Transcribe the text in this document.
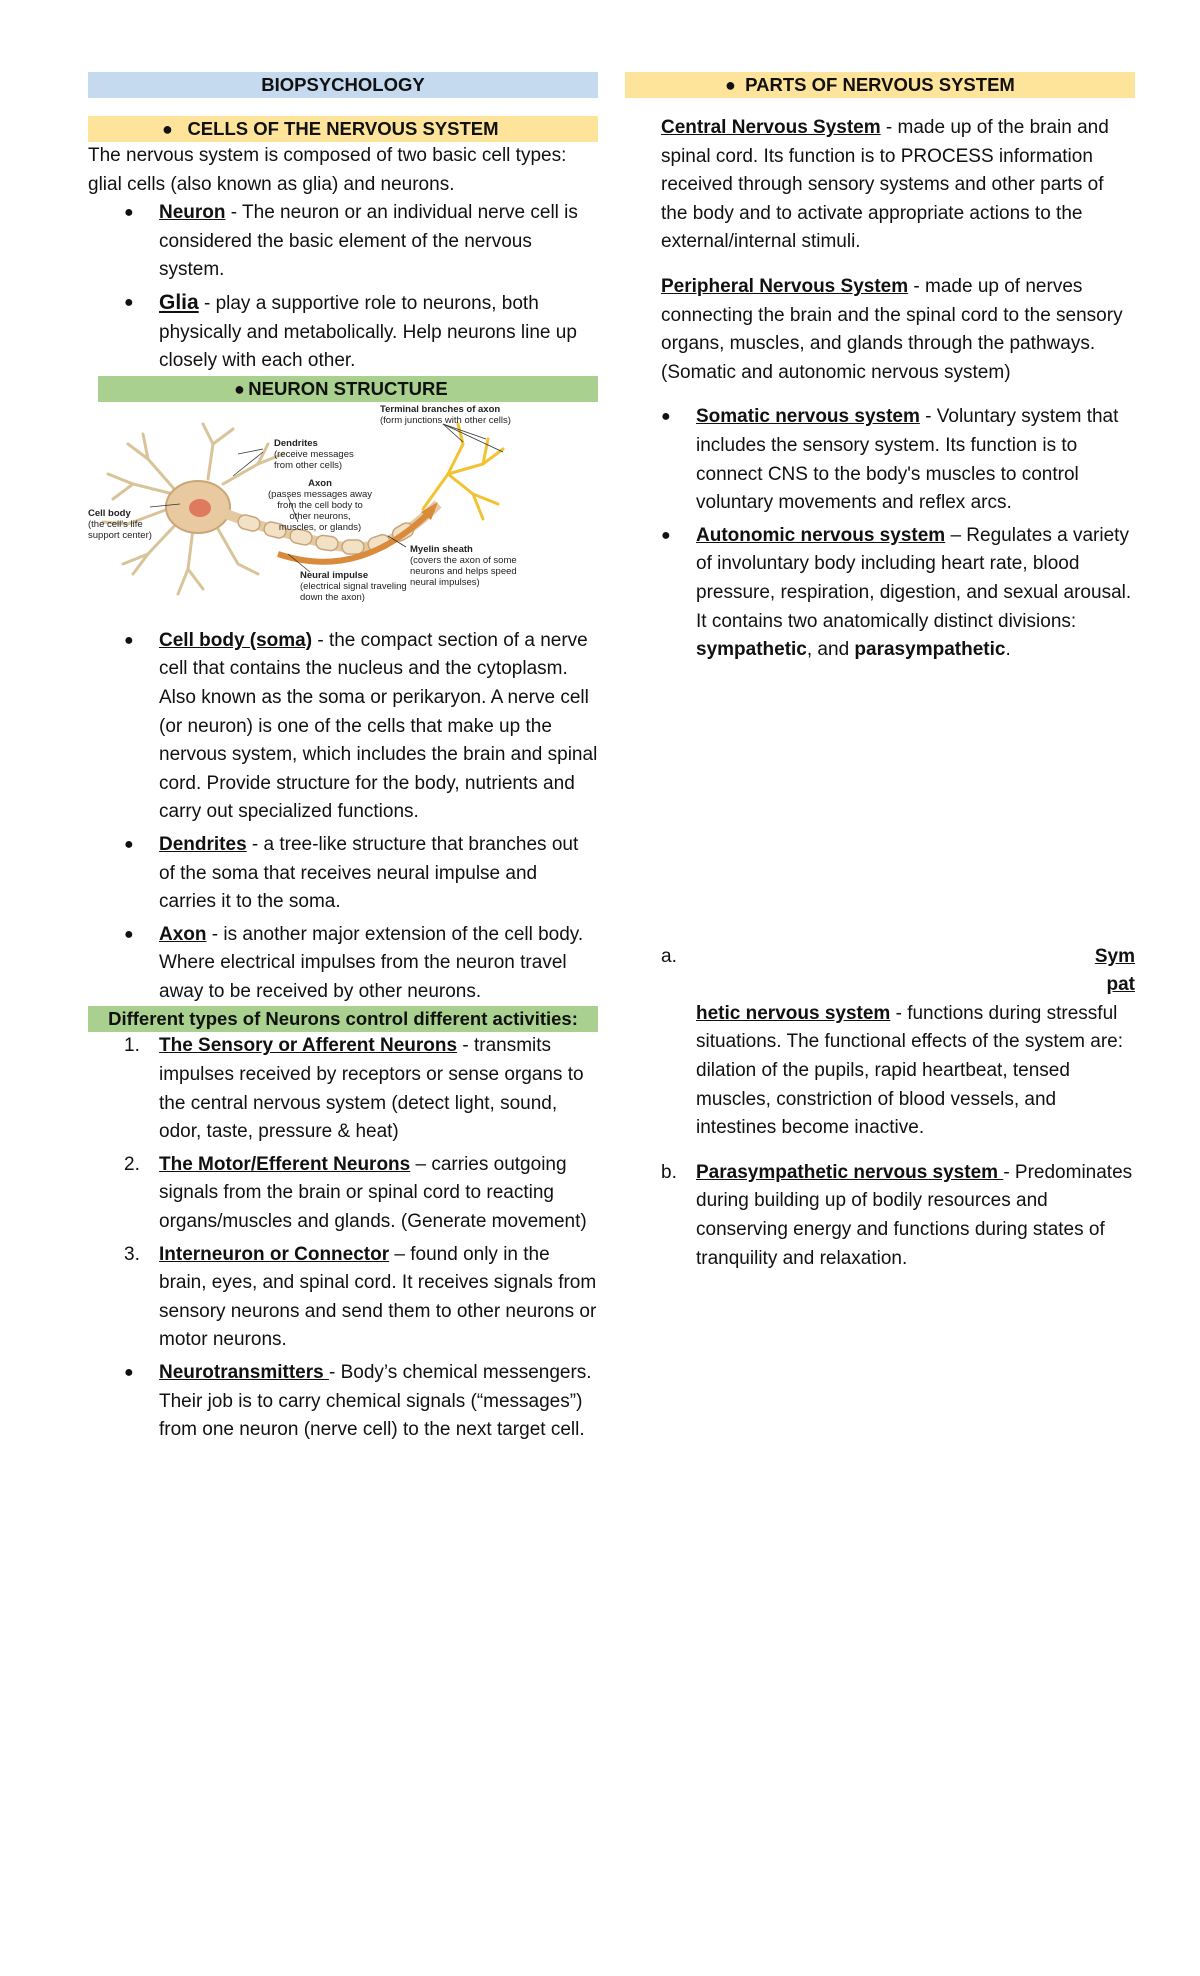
BIOPSYCHOLOGY
● CELLS OF THE NERVOUS SYSTEM

The nervous system is composed of two basic cell types: glial cells (also known as glia) and neurons.

● Neuron - The neuron or an individual nerve cell is considered the basic element of the nervous system.
● Glia - play a supportive role to neurons, both physically and metabolically. Help neurons line up closely with each other.
● NEURON STRUCTURE
Terminal branches of axon
(form junctions with other cells)
Dendrites
(receive messages
from other cells)
Axon
(passes messages away
from the cell body to
other neurons,
muscles, or glands)
Cell body
(the cell's life
support center)
Myelin sheath
(covers the axon of some
neurons and helps speed
neural impulses)
Neural impulse
(electrical signal traveling
down the axon)
● Cell body (soma) - the compact section of a nerve cell that contains the nucleus and the cytoplasm. Also known as the soma or perikaryon. A nerve cell (or neuron) is one of the cells that make up the nervous system, which includes the brain and spinal cord. Provide structure for the body, nutrients and carry out specialized functions.
● Dendrites - a tree-like structure that branches out of the soma that receives neural impulse and carries it to the soma.
● Axon - is another major extension of the cell body. Where electrical impulses from the neuron travel away to be received by other neurons.
Different types of Neurons control different activities:
1. The Sensory or Afferent Neurons - transmits impulses received by receptors or sense organs to the central nervous system (detect light, sound, odor, taste, pressure & heat)
2. The Motor/Efferent Neurons – carries outgoing signals from the brain or spinal cord to reacting organs/muscles and glands. (Generate movement)
3. Interneuron or Connector – found only in the brain, eyes, and spinal cord. It receives signals from sensory neurons and send them to other neurons or motor neurons.
● Neurotransmitters - Body’s chemical messengers. Their job is to carry chemical signals (“messages”) from one neuron (nerve cell) to the next target cell.
● PARTS OF NERVOUS SYSTEM

Central Nervous System - made up of the brain and spinal cord. Its function is to PROCESS information received through sensory systems and other parts of the body and to activate appropriate actions to the external/internal stimuli.

Peripheral Nervous System - made up of nerves connecting the brain and the spinal cord to the sensory organs, muscles, and glands through the pathways. (Somatic and autonomic nervous system)

● Somatic nervous system - Voluntary system that includes the sensory system. Its function is to connect CNS to the body's muscles to control voluntary movements and reflex arcs.
● Autonomic nervous system – Regulates a variety of involuntary body including heart rate, blood pressure, respiration, digestion, and sexual arousal. It contains two anatomically distinct divisions: sympathetic, and parasympathetic.
a.	Sym
pat

hetic nervous system - functions during stressful situations. The functional effects of the system are: dilation of the pupils, rapid heartbeat, tensed muscles, constriction of blood vessels, and intestines become inactive.

b.	Parasympathetic nervous system - Predominates during building up of bodily resources and conserving energy and functions during states of tranquility and relaxation.
